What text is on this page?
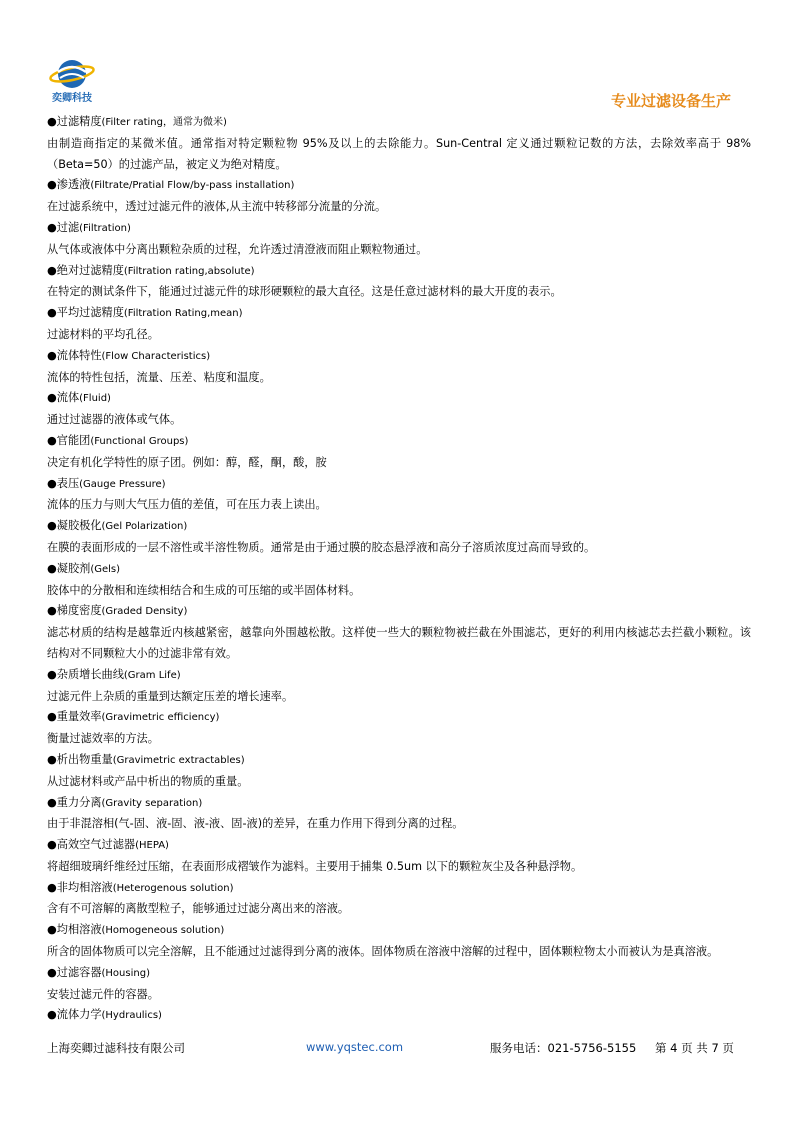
奕卿科技	专业过滤设备生产
●过滤精度(Filter rating，通常为微米)
由制造商指定的某微米值。通常指对特定颗粒物 95%及以上的去除能力。Sun-Central 定义通过颗粒记数的方法，去除效率高于 98%（Beta=50）的过滤产品，被定义为绝对精度。
●渗透液(Filtrate/Pratial Flow/by-pass installation)
在过滤系统中，透过过滤元件的液体,从主流中转移部分流量的分流。
●过滤(Filtration)
从气体或液体中分离出颗粒杂质的过程，允许透过清澄液而阻止颗粒物通过。
●绝对过滤精度(Filtration rating,absolute)
在特定的测试条件下，能通过过滤元件的球形硬颗粒的最大直径。这是任意过滤材料的最大开度的表示。
●平均过滤精度(Filtration Rating,mean)
过滤材料的平均孔径。
●流体特性(Flow Characteristics)
流体的特性包括，流量、压差、粘度和温度。
●流体(Fluid)
通过过滤器的液体或气体。
●官能团(Functional Groups)
决定有机化学特性的原子团。例如：醇，醛，酮，酸，胺
●表压(Gauge Pressure)
流体的压力与则大气压力值的差值，可在压力表上读出。
●凝胶极化(Gel Polarization)
在膜的表面形成的一层不溶性或半溶性物质。通常是由于通过膜的胶态悬浮液和高分子溶质浓度过高而导致的。
●凝胶剂(Gels)
胶体中的分散相和连续相结合和生成的可压缩的或半固体材料。
●梯度密度(Graded Density)
滤芯材质的结构是越靠近内核越紧密，越靠向外围越松散。这样使一些大的颗粒物被拦截在外围滤芯，更好的利用内核滤芯去拦截小颗粒。该结构对不同颗粒大小的过滤非常有效。
●杂质增长曲线(Gram Life)
过滤元件上杂质的重量到达额定压差的增长速率。
●重量效率(Gravimetric efficiency)
衡量过滤效率的方法。
●析出物重量(Gravimetric extractables)
从过滤材料或产品中析出的物质的重量。
●重力分离(Gravity separation)
由于非混溶相(气-固、液-固、液-液、固-液)的差异，在重力作用下得到分离的过程。
●高效空气过滤器(HEPA)
将超细玻璃纤维经过压缩，在表面形成褶皱作为滤料。主要用于捕集 0.5um 以下的颗粒灰尘及各种悬浮物。
●非均相溶液(Heterogenous solution)
含有不可溶解的离散型粒子，能够通过过滤分离出来的溶液。
●均相溶液(Homogeneous solution)
所含的固体物质可以完全溶解，且不能通过过滤得到分离的液体。固体物质在溶液中溶解的过程中，固体颗粒物太小而被认为是真溶液。
●过滤容器(Housing)
安装过滤元件的容器。
●流体力学(Hydraulics)
上海奕卿过滤科技有限公司	www.yqstec.com	服务电话：021-5756-5155 第 4 页 共 7 页
